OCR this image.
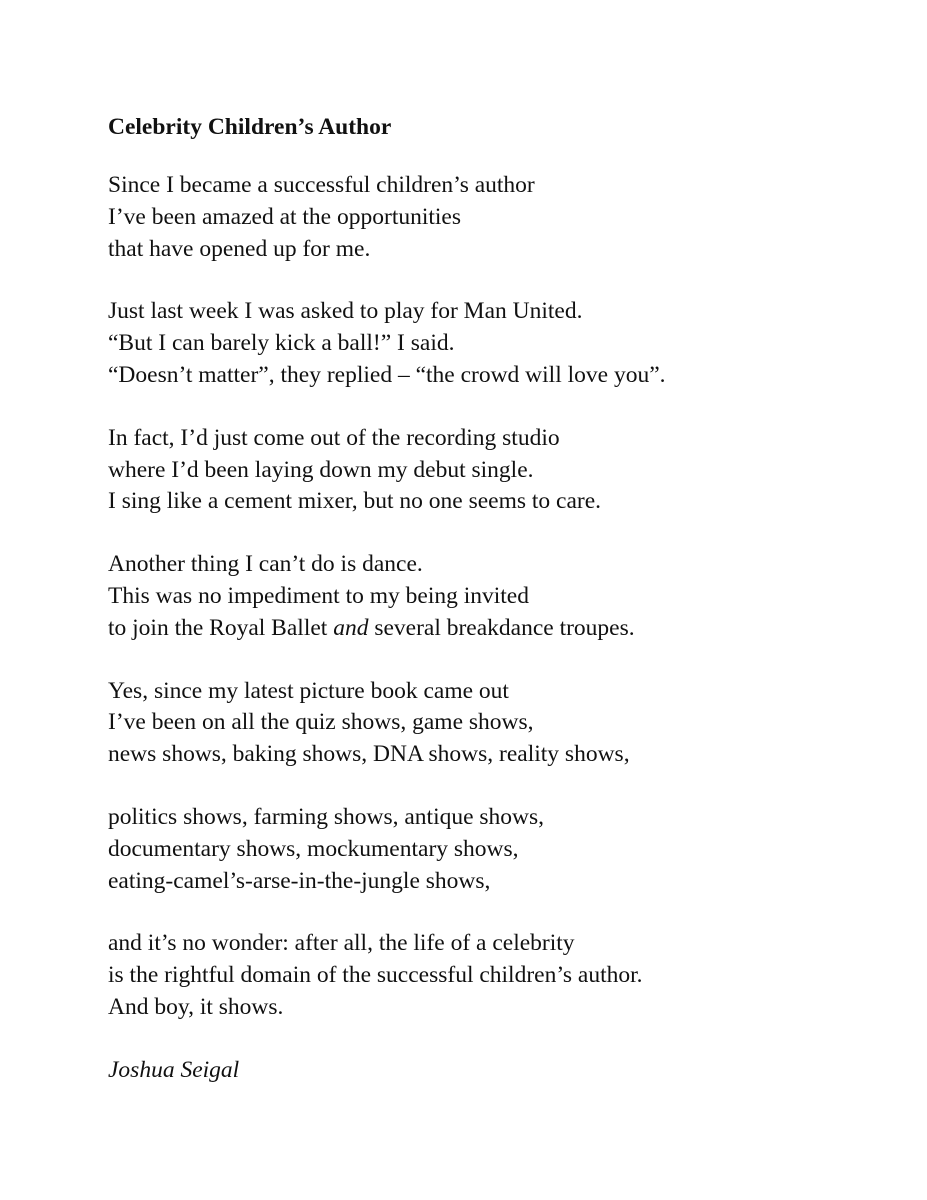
Celebrity Children’s Author
Since I became a successful children’s author
I’ve been amazed at the opportunities
that have opened up for me.
Just last week I was asked to play for Man United.
“But I can barely kick a ball!” I said.
“Doesn’t matter”, they replied – “the crowd will love you”.
In fact, I’d just come out of the recording studio
where I’d been laying down my debut single.
I sing like a cement mixer, but no one seems to care.
Another thing I can’t do is dance.
This was no impediment to my being invited
to join the Royal Ballet and several breakdance troupes.
Yes, since my latest picture book came out
I’ve been on all the quiz shows, game shows,
news shows, baking shows, DNA shows, reality shows,
politics shows, farming shows, antique shows,
documentary shows, mockumentary shows,
eating-camel’s-arse-in-the-jungle shows,
and it’s no wonder: after all, the life of a celebrity
is the rightful domain of the successful children’s author.
And boy, it shows.
Joshua Seigal
